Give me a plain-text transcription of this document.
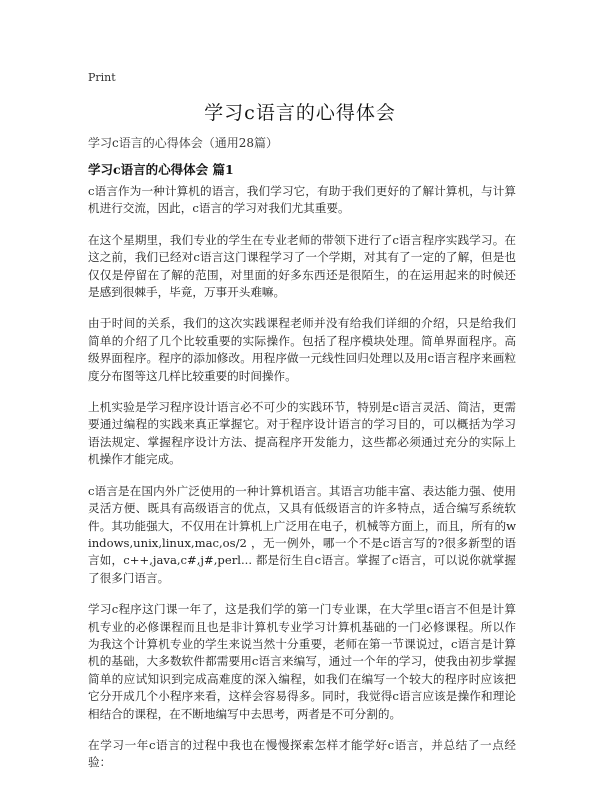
Print
学习c语言的心得体会
学习c语言的心得体会（通用28篇）
学习c语言的心得体会 篇1

c语言作为一种计算机的语言，我们学习它，有助于我们更好的了解计算机，与计算机进行交流，因此，c语言的学习对我们尤其重要。

在这个星期里，我们专业的学生在专业老师的带领下进行了c语言程序实践学习。在这之前，我们已经对c语言这门课程学习了一个学期，对其有了一定的了解，但是也仅仅是停留在了解的范围，对里面的好多东西还是很陌生，的在运用起来的时候还是感到很棘手，毕竟，万事开头难嘛。

由于时间的关系，我们的这次实践课程老师并没有给我们详细的介绍，只是给我们简单的介绍了几个比较重要的实际操作。包括了程序模块处理。简单界面程序。高级界面程序。程序的添加修改。用程序做一元线性回归处理以及用c语言程序来画粒度分布图等这几样比较重要的时间操作。

上机实验是学习程序设计语言必不可少的实践环节，特别是c语言灵活、简洁，更需要通过编程的实践来真正掌握它。对于程序设计语言的学习目的，可以概括为学习语法规定、掌握程序设计方法、提高程序开发能力，这些都必须通过充分的实际上机操作才能完成。

c语言是在国内外广泛使用的一种计算机语言。其语言功能丰富、表达能力强、使用灵活方便、既具有高级语言的优点，又具有低级语言的许多特点，适合编写系统软件。其功能强大，不仅用在计算机上广泛用在电子，机械等方面上，而且，所有的windows,unix,linux,mac,os/2 ，无一例外，哪一个不是c语言写的?很多新型的语言如，c++,java,c#,j#,perl... 都是衍生自c语言。掌握了c语言，可以说你就掌握了很多门语言。

学习c程序这门课一年了，这是我们学的第一门专业课，在大学里c语言不但是计算机专业的必修课程而且也是非计算机专业学习计算机基础的一门必修课程。所以作为我这个计算机专业的学生来说当然十分重要，老师在第一节课说过，c语言是计算机的基础，大多数软件都需要用c语言来编写，通过一个年的学习，使我由初步掌握简单的应试知识到完成高难度的深入编程，如我们在编写一个较大的程序时应该把它分开成几个小程序来看，这样会容易得多。同时，我觉得c语言应该是操作和理论相结合的课程，在不断地编写中去思考，两者是不可分割的。

在学习一年c语言的过程中我也在慢慢探索怎样才能学好c语言，并总结了一点经验：
